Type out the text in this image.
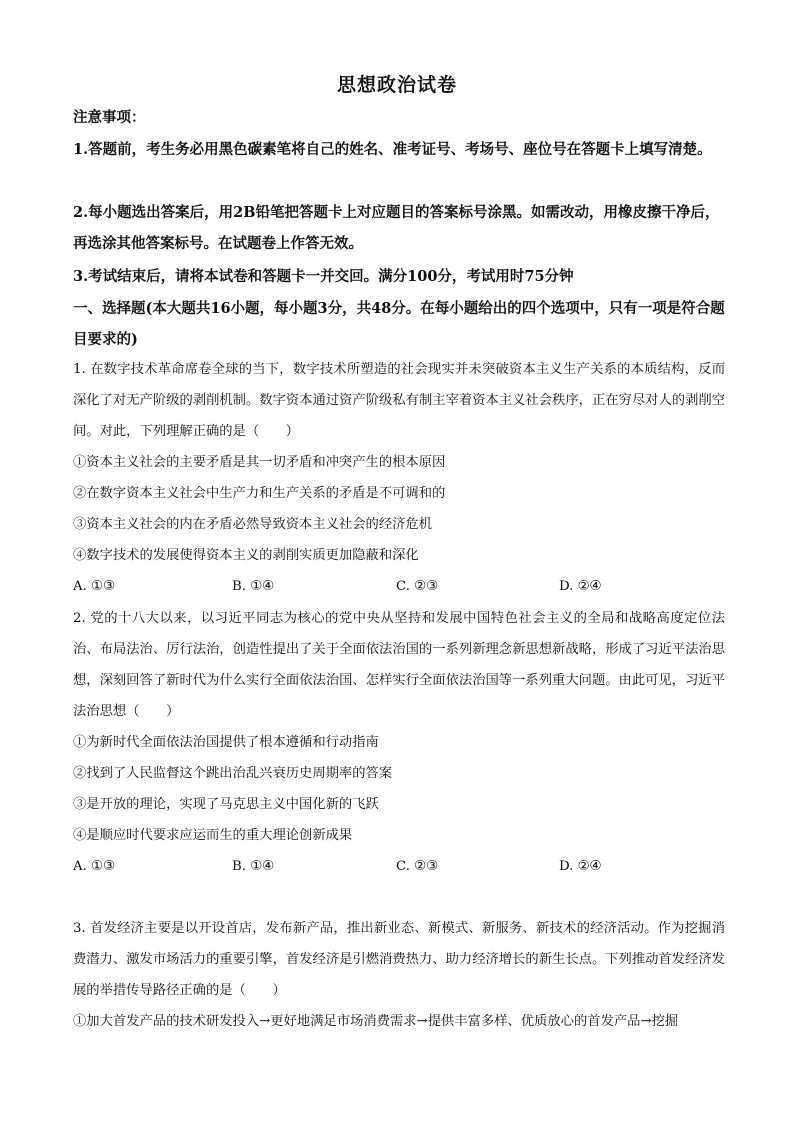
思想政治试卷
注意事项：
1.答题前，考生务必用黑色碳素笔将自己的姓名、准考证号、考场号、座位号在答题卡上填写清楚。
2.每小题选出答案后，用2B铅笔把答题卡上对应题目的答案标号涂黑。如需改动，用橡皮擦干净后，再选涂其他答案标号。在试题卷上作答无效。
3.考试结束后，请将本试卷和答题卡一并交回。满分100分，考试用时75分钟
一、选择题(本大题共16小题，每小题3分，共48分。在每小题给出的四个选项中，只有一项是符合题目要求的)
1. 在数字技术革命席卷全球的当下，数字技术所塑造的社会现实并未突破资本主义生产关系的本质结构，反而深化了对无产阶级的剥削机制。数字资本通过资产阶级私有制主宰着资本主义社会秩序，正在穷尽对人的剥削空间。对此，下列理解正确的是（　　）
①资本主义社会的主要矛盾是其一切矛盾和冲突产生的根本原因
②在数字资本主义社会中生产力和生产关系的矛盾是不可调和的
③资本主义社会的内在矛盾必然导致资本主义社会的经济危机
④数字技术的发展使得资本主义的剥削实质更加隐蔽和深化
A. ①③	B. ①④	C. ②③	D. ②④
2. 党的十八大以来，以习近平同志为核心的党中央从坚持和发展中国特色社会主义的全局和战略高度定位法治、布局法治、厉行法治，创造性提出了关于全面依法治国的一系列新理念新思想新战略，形成了习近平法治思想，深刻回答了新时代为什么实行全面依法治国、怎样实行全面依法治国等一系列重大问题。由此可见，习近平法治思想（　　）
①为新时代全面依法治国提供了根本遵循和行动指南
②找到了人民监督这个跳出治乱兴衰历史周期率的答案
③是开放的理论，实现了马克思主义中国化新的飞跃
④是顺应时代要求应运而生的重大理论创新成果
A. ①③	B. ①④	C. ②③	D. ②④
3. 首发经济主要是以开设首店，发布新产品，推出新业态、新模式、新服务、新技术的经济活动。作为挖掘消费潜力、激发市场活力的重要引擎，首发经济是引燃消费热力、助力经济增长的新生长点。下列推动首发经济发展的举措传导路径正确的是（　　）
①加大首发产品的技术研发投入→更好地满足市场消费需求→提供丰富多样、优质放心的首发产品→挖掘
